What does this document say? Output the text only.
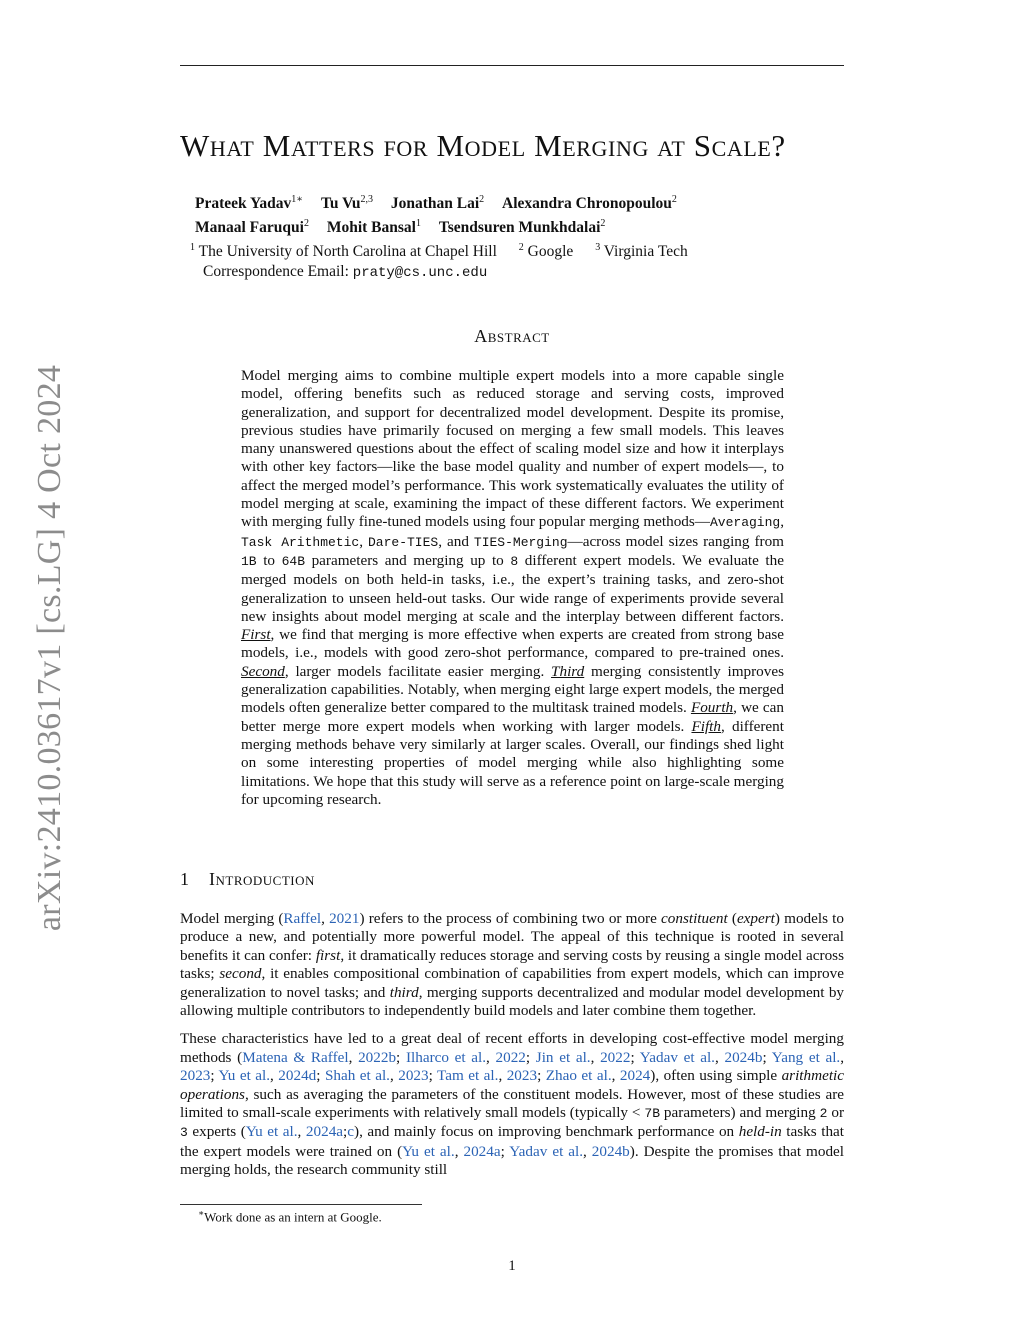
arXiv:2410.03617v1 [cs.LG] 4 Oct 2024
What Matters for Model Merging at Scale?
Prateek Yadav$^{1∗}$ Tu Vu$^{2,3}$ Jonathan Lai$^2$ Alexandra Chronopoulou$^2$
Manaal Faruqui$^2$ Mohit Bansal$^1$ Tsendsuren Munkhdalai$^2$
$^1$ The University of North Carolina at Chapel Hill $^2$ Google $^3$ Virginia Tech
Correspondence Email: praty@cs.unc.edu
Abstract
Model merging aims to combine multiple expert models into a more capable single model, offering benefits such as reduced storage and serving costs, improved generalization, and support for decentralized model development. Despite its promise, previous studies have primarily focused on merging a few small models. This leaves many unanswered questions about the effect of scaling model size and how it interplays with other key factors—like the base model quality and number of expert models—, to affect the merged model’s performance. This work systematically evaluates the utility of model merging at scale, examining the impact of these different factors. We experiment with merging fully fine-tuned models using four popular merging methods—Averaging, Task Arithmetic, Dare-TIES, and TIES-Merging—across model sizes ranging from 1B to 64B parameters and merging up to 8 different expert models. We evaluate the merged models on both held-in tasks, i.e., the expert’s training tasks, and zero-shot generalization to unseen held-out tasks. Our wide range of experiments provide several new insights about model merging at scale and the interplay between different factors. First, we find that merging is more effective when experts are created from strong base models, i.e., models with good zero-shot performance, compared to pre-trained ones. Second, larger models facilitate easier merging. Third merging consistently improves generalization capabilities. Notably, when merging eight large expert models, the merged models often generalize better compared to the multitask trained models. Fourth, we can better merge more expert models when working with larger models. Fifth, different merging methods behave very similarly at larger scales. Overall, our findings shed light on some interesting properties of model merging while also highlighting some limitations. We hope that this study will serve as a reference point on large-scale merging for upcoming research.
1 Introduction

Model merging (Raffel, 2021) refers to the process of combining two or more constituent (expert) models to produce a new, and potentially more powerful model. The appeal of this technique is rooted in several benefits it can confer: first, it dramatically reduces storage and serving costs by reusing a single model across tasks; second, it enables compositional combination of capabilities from expert models, which can improve generalization to novel tasks; and third, merging supports decentralized and modular model development by allowing multiple contributors to independently build models and later combine them together.

These characteristics have led to a great deal of recent efforts in developing cost-effective model merging methods (Matena & Raffel, 2022b; Ilharco et al., 2022; Jin et al., 2022; Yadav et al., 2024b; Yang et al., 2023; Yu et al., 2024d; Shah et al., 2023; Tam et al., 2023; Zhao et al., 2024), often using simple arithmetic operations, such as averaging the parameters of the constituent models. However, most of these studies are limited to small-scale experiments with relatively small models (typically < 7B parameters) and merging 2 or 3 experts (Yu et al., 2024a;c), and mainly focus on improving benchmark performance on held-in tasks that the expert models were trained on (Yu et al., 2024a; Yadav et al., 2024b). Despite the promises that model merging holds, the research community still

∗Work done as an intern at Google.
1
